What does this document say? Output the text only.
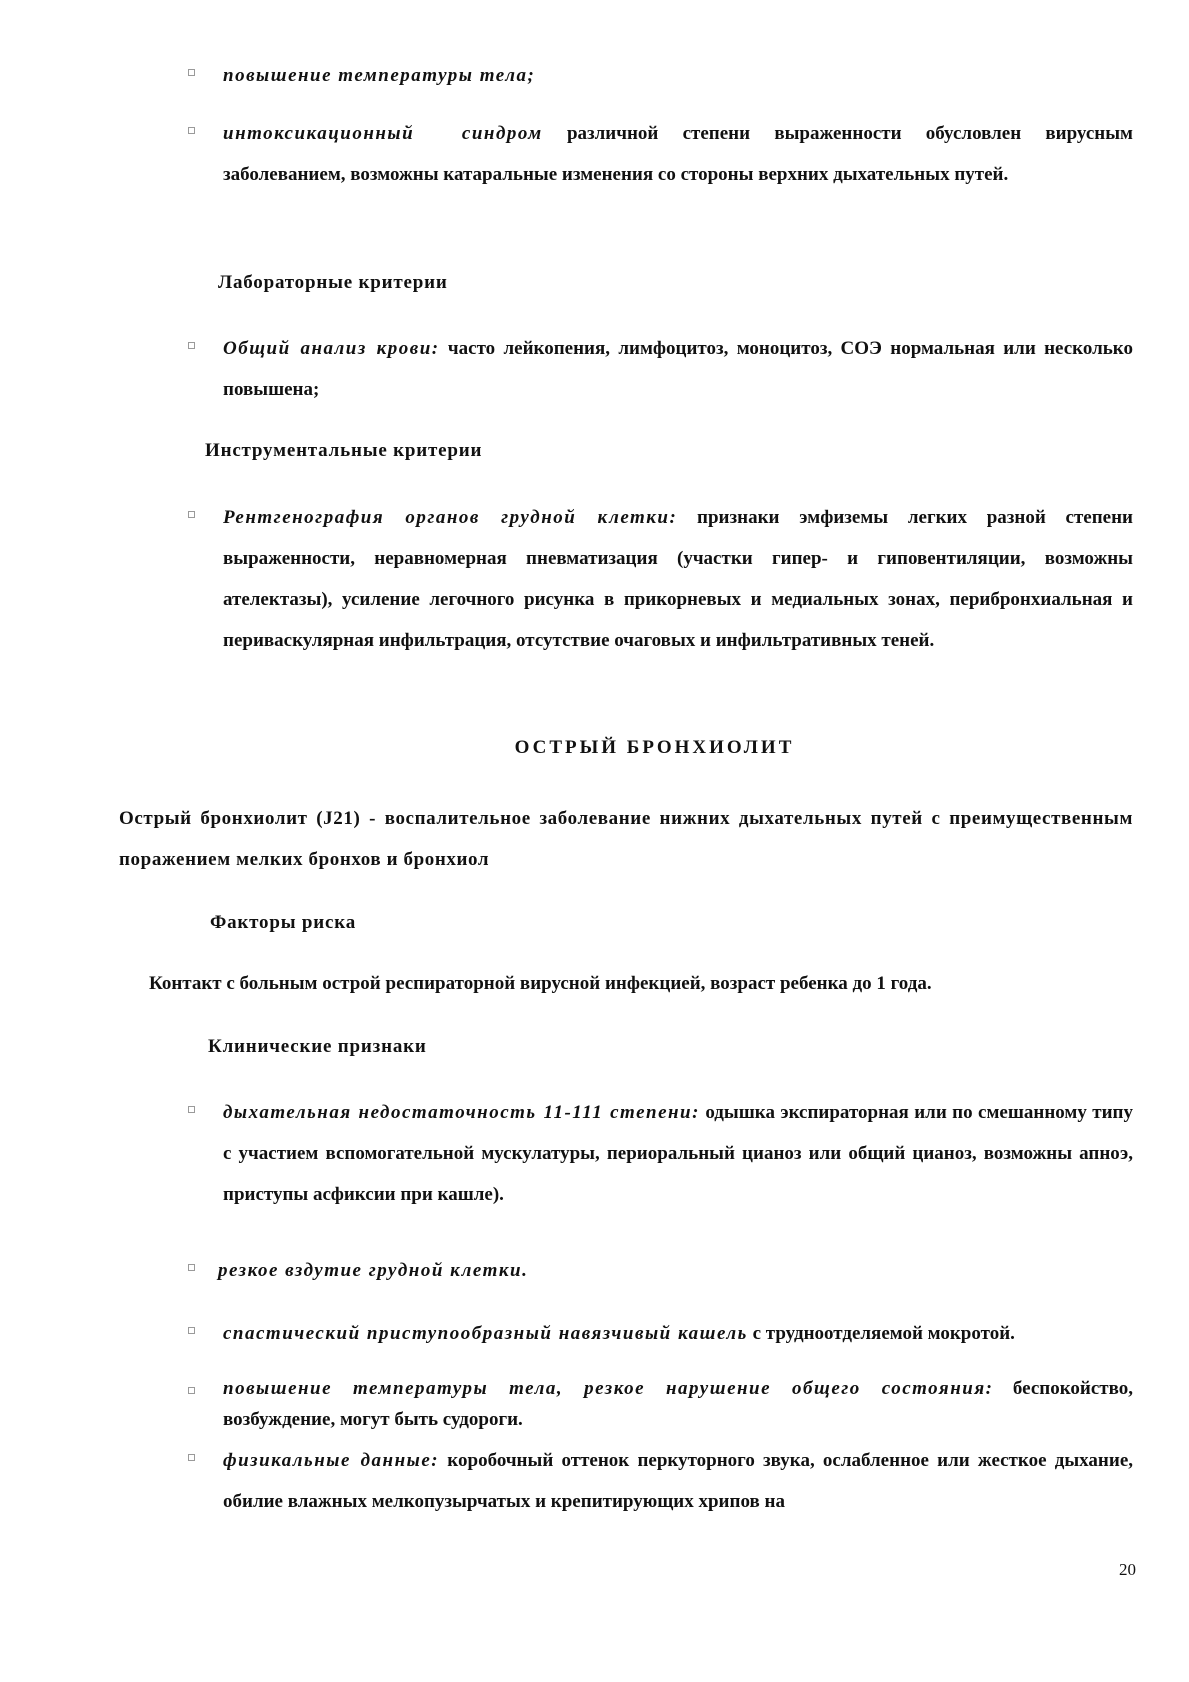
повышение температуры тела;
интоксикационный синдром различной степени выраженности обусловлен вирусным заболеванием, возможны катаральные изменения со стороны верхних дыхательных путей.
Лабораторные критерии
Общий анализ крови: часто лейкопения, лимфоцитоз, моноцитоз, СОЭ нормальная или несколько повышена;
Инструментальные критерии
Рентгенография органов грудной клетки: признаки эмфиземы легких разной степени выраженности, неравномерная пневматизация (участки гипер- и гиповентиляции, возможны ателектазы), усиление легочного рисунка в прикорневых и медиальных зонах, перибронхиальная и периваскулярная инфильтрация, отсутствие очаговых и инфильтративных теней.
ОСТРЫЙ БРОНХИОЛИТ
Острый бронхиолит (J21) - воспалительное заболевание нижних дыхательных путей с преимущественным поражением мелких бронхов и бронхиол
Факторы риска
Контакт с больным острой респираторной вирусной инфекцией, возраст ребенка до 1 года.
Клинические признаки
дыхательная недостаточность 11-111 степени: одышка экспираторная или по смешанному типу с участием вспомогательной мускулатуры, периоральный цианоз или общий цианоз, возможны апноэ, приступы асфиксии при кашле).
резкое вздутие грудной клетки.
спастический приступообразный навязчивый кашель с трудноотделяемой мокротой.
повышение температуры тела, резкое нарушение общего состояния: беспокойство, возбуждение, могут быть судороги.
физикальные данные: коробочный оттенок перкуторного звука, ослабленное или жесткое дыхание, обилие влажных мелкопузырчатых и крепитирующих хрипов на
20
